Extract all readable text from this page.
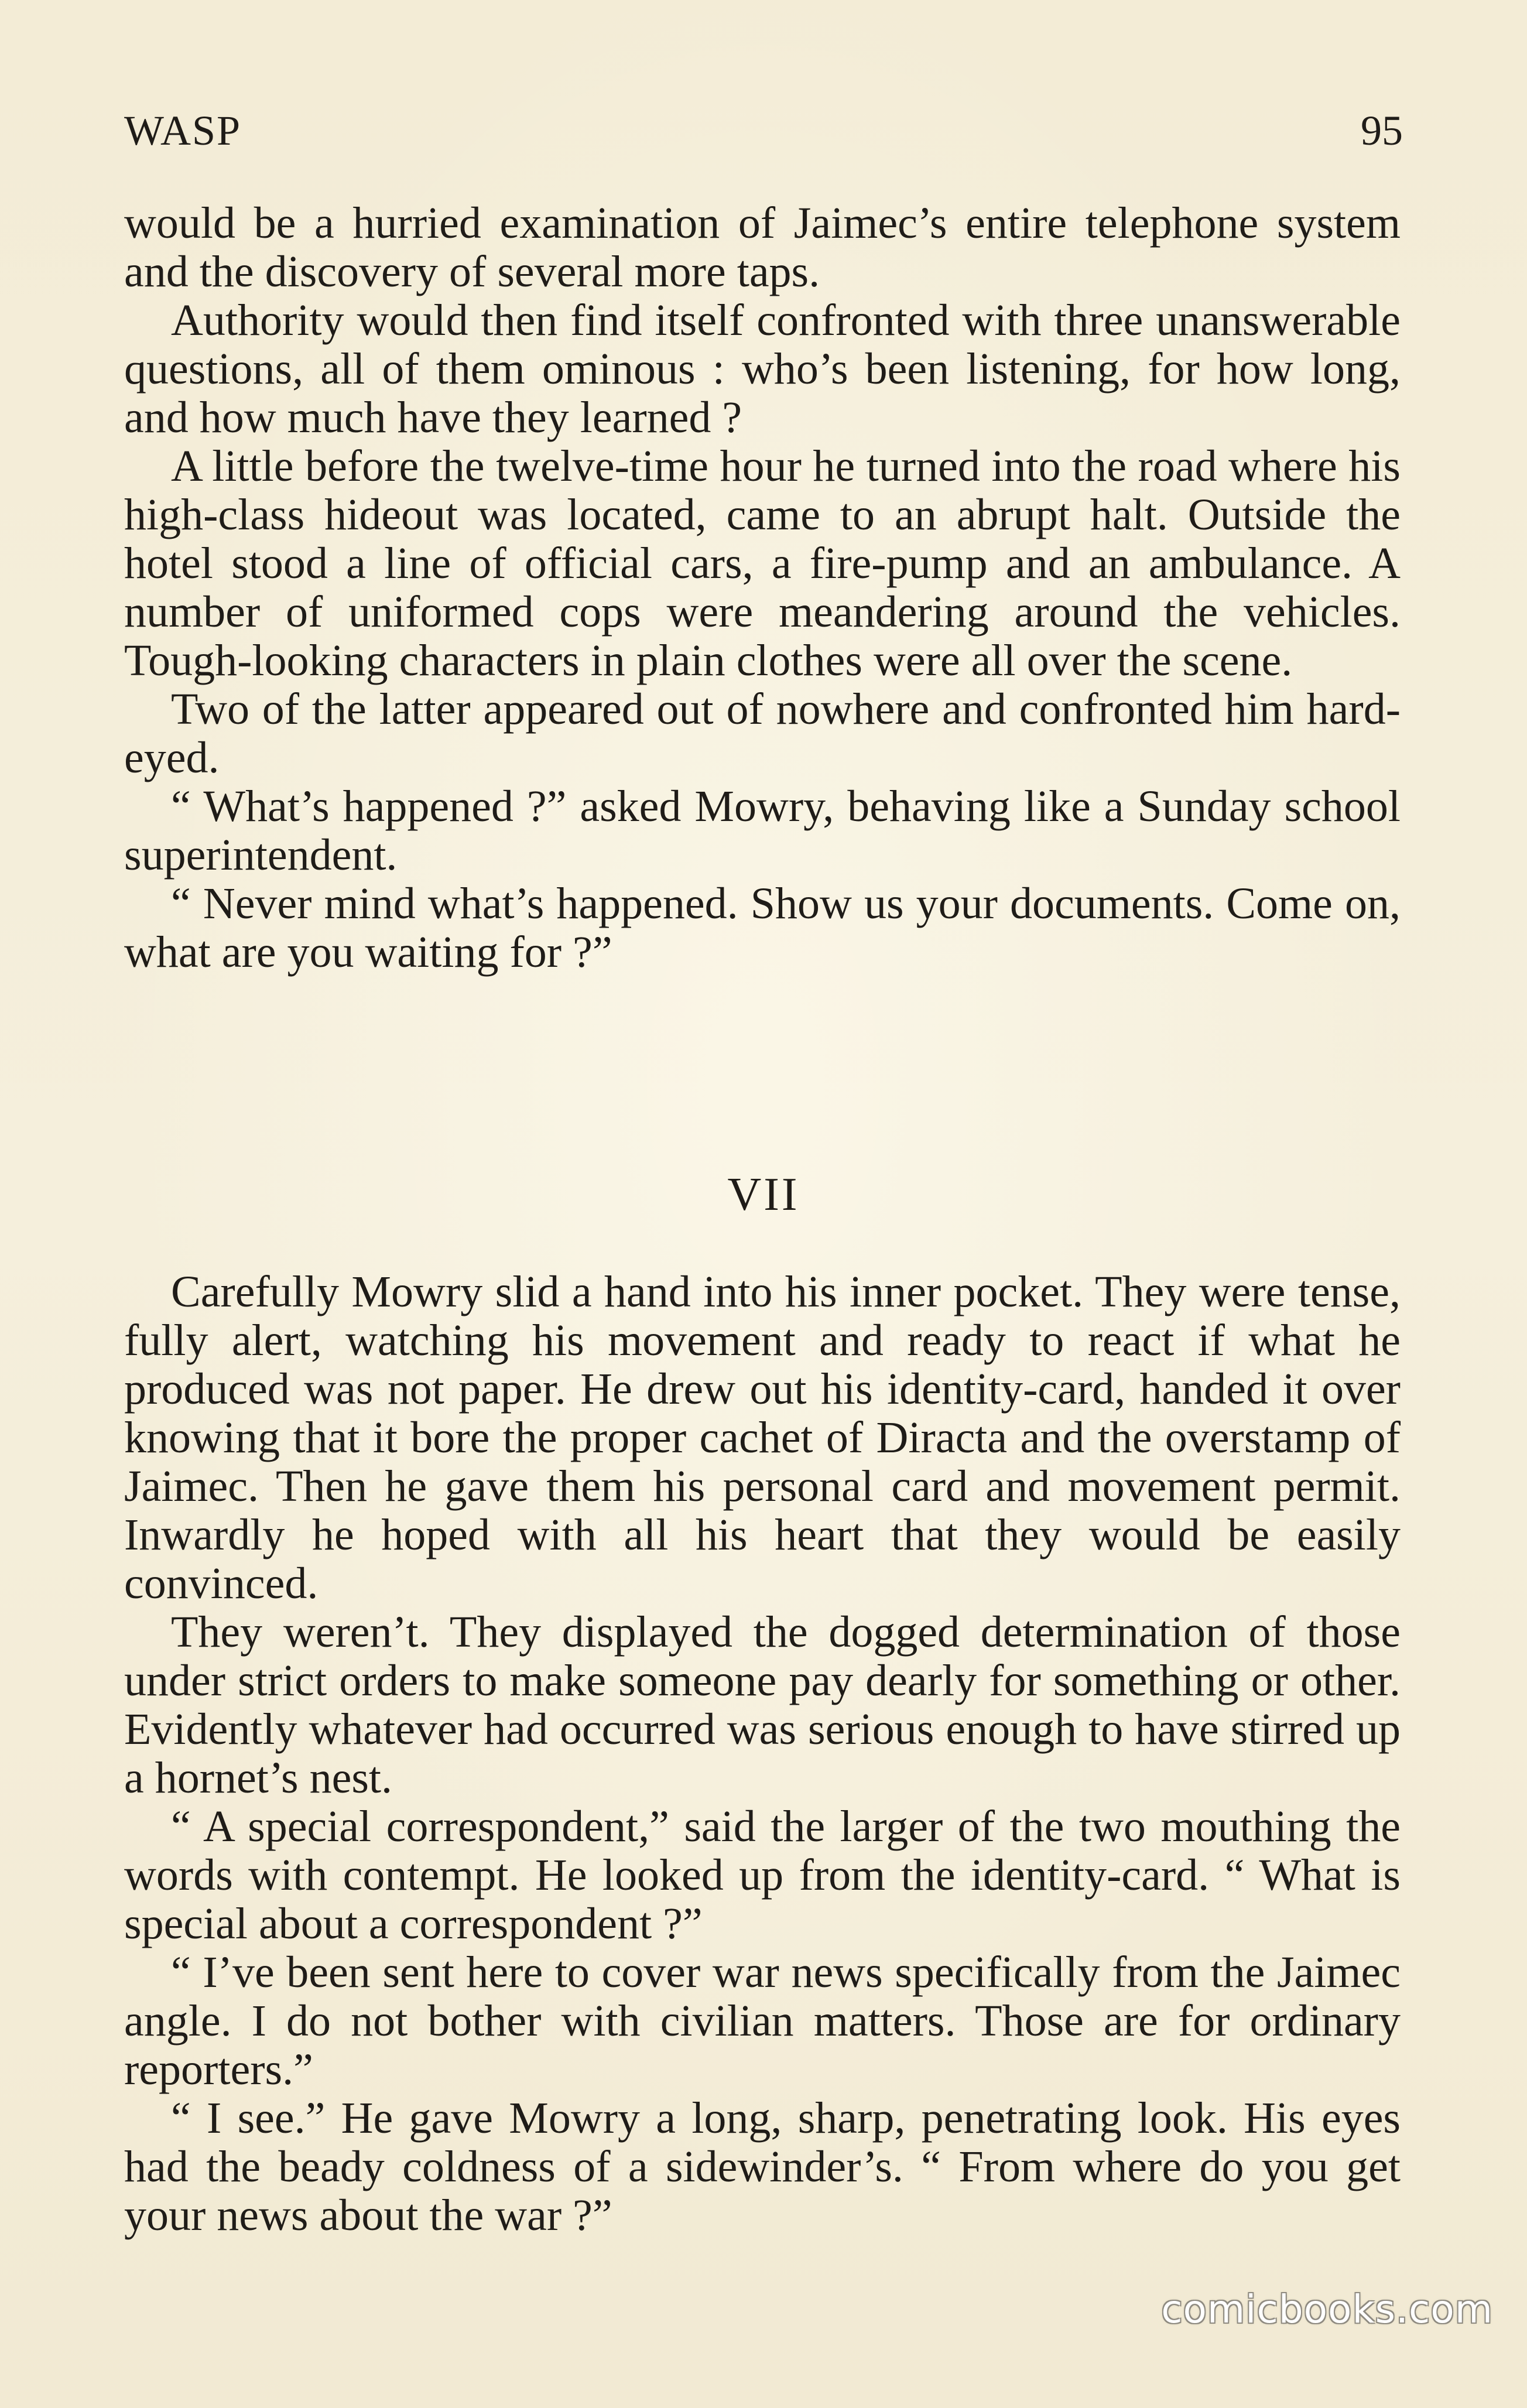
WASP	95

would be a hurried examination of Jaimec’s entire telephone system and the discovery of several more taps.

Authority would then find itself confronted with three unanswerable questions, all of them ominous : who’s been listening, for how long, and how much have they learned ?

A little before the twelve-time hour he turned into the road where his high-class hideout was located, came to an abrupt halt. Outside the hotel stood a line of official cars, a fire-pump and an ambulance. A number of uniformed cops were meandering around the vehicles. Tough-looking characters in plain clothes were all over the scene.

Two of the latter appeared out of nowhere and confronted him hard-eyed.

“ What’s happened ?” asked Mowry, behaving like a Sunday school superintendent.

“ Never mind what’s happened. Show us your documents. Come on, what are you waiting for ?”

VII

Carefully Mowry slid a hand into his inner pocket. They were tense, fully alert, watching his movement and ready to react if what he produced was not paper. He drew out his identity-card, handed it over knowing that it bore the proper cachet of Diracta and the overstamp of Jaimec. Then he gave them his personal card and movement permit. Inwardly he hoped with all his heart that they would be easily convinced.

They weren’t. They displayed the dogged determination of those under strict orders to make someone pay dearly for something or other. Evidently whatever had occurred was serious enough to have stirred up a hornet’s nest.

“ A special correspondent,” said the larger of the two mouthing the words with contempt. He looked up from the identity-card. “ What is special about a correspondent ?”

“ I’ve been sent here to cover war news specifically from the Jaimec angle. I do not bother with civilian matters. Those are for ordinary reporters.”

“ I see.” He gave Mowry a long, sharp, penetrating look. His eyes had the beady coldness of a sidewinder’s. “ From where do you get your news about the war ?”

comicbooks.com
